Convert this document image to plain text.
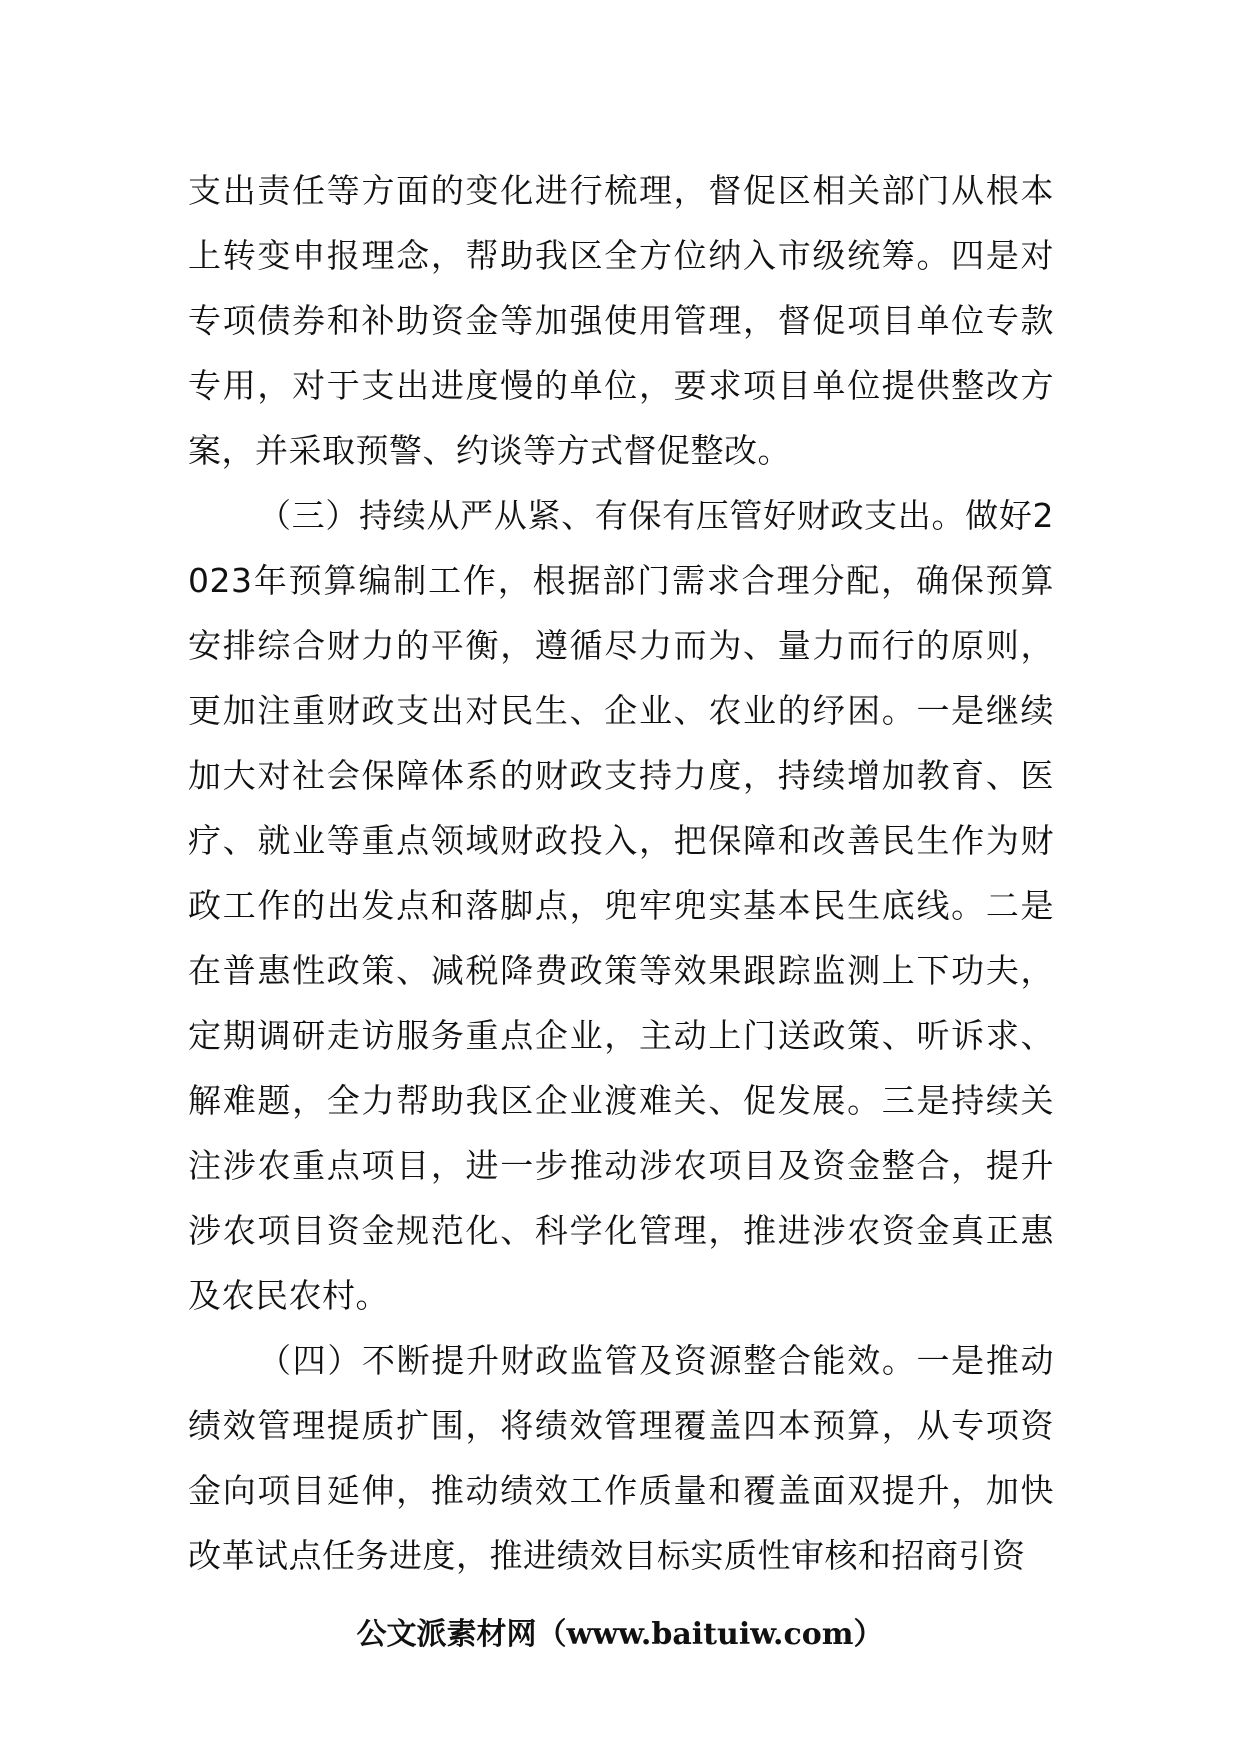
支出责任等方面的变化进行梳理，督促区相关部门从根本上转变申报理念，帮助我区全方位纳入市级统筹。四是对专项债券和补助资金等加强使用管理，督促项目单位专款专用，对于支出进度慢的单位，要求项目单位提供整改方案，并采取预警、约谈等方式督促整改。

（三）持续从严从紧、有保有压管好财政支出。做好2023年预算编制工作，根据部门需求合理分配，确保预算安排综合财力的平衡，遵循尽力而为、量力而行的原则，更加注重财政支出对民生、企业、农业的纾困。一是继续加大对社会保障体系的财政支持力度，持续增加教育、医疗、就业等重点领域财政投入，把保障和改善民生作为财政工作的出发点和落脚点，兜牢兜实基本民生底线。二是在普惠性政策、减税降费政策等效果跟踪监测上下功夫，定期调研走访服务重点企业，主动上门送政策、听诉求、解难题，全力帮助我区企业渡难关、促发展。三是持续关注涉农重点项目，进一步推动涉农项目及资金整合，提升涉农项目资金规范化、科学化管理，推进涉农资金真正惠及农民农村。

（四）不断提升财政监管及资源整合能效。一是推动绩效管理提质扩围，将绩效管理覆盖四本预算，从专项资金向项目延伸，推动绩效工作质量和覆盖面双提升，加快改革试点任务进度，推进绩效目标实质性审核和招商引资

公文派素材网（www.baituiw.com）
